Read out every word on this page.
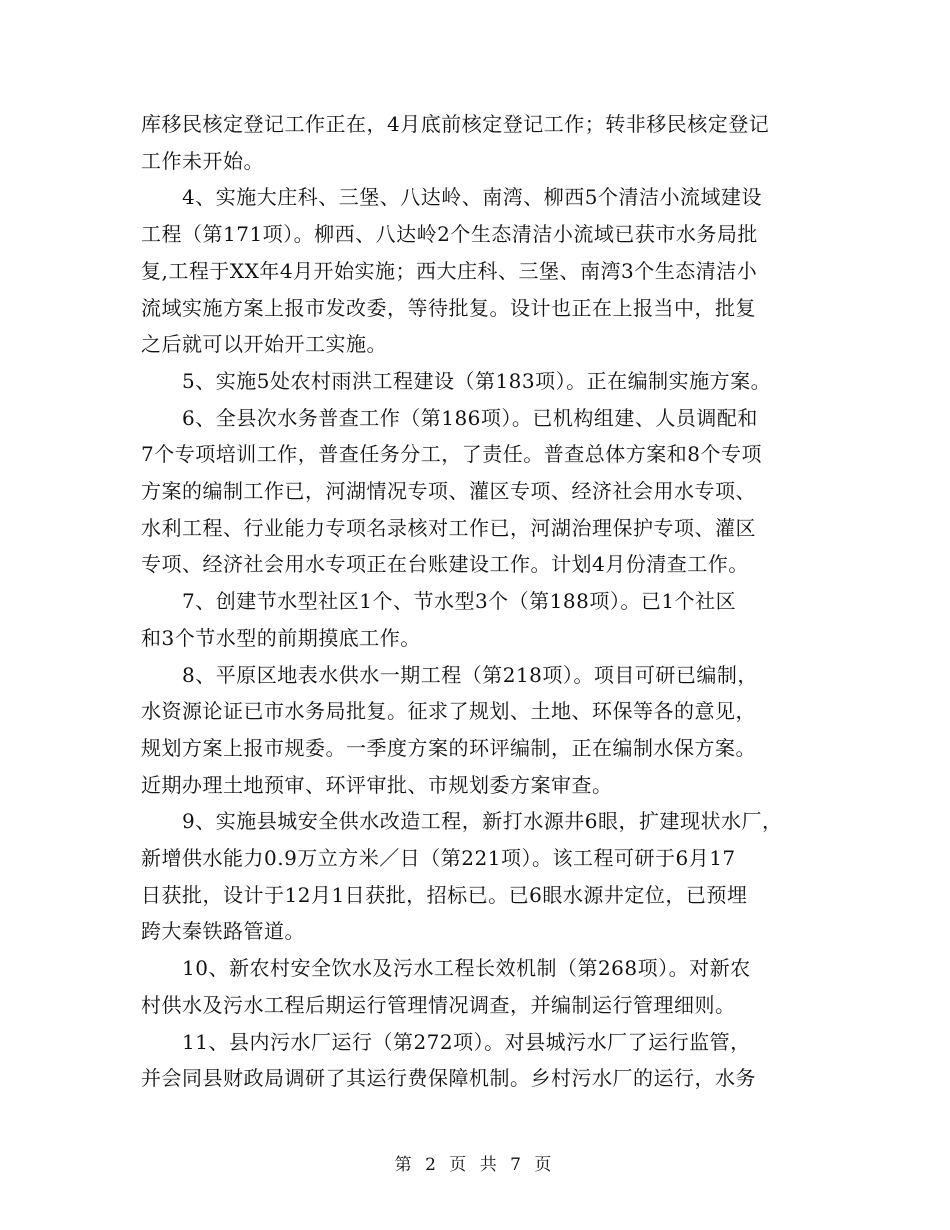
库移民核定登记工作正在，4月底前核定登记工作；转非移民核定登记
工作未开始。
4、实施大庄科、三堡、八达岭、南湾、柳西5个清洁小流域建设
工程（第171项）。柳西、八达岭2个生态清洁小流域已获市水务局批
复,工程于XX年4月开始实施；西大庄科、三堡、南湾3个生态清洁小
流域实施方案上报市发改委，等待批复。设计也正在上报当中，批复
之后就可以开始开工实施。
5、实施5处农村雨洪工程建设（第183项）。正在编制实施方案。
6、全县次水务普查工作（第186项）。已机构组建、人员调配和
7个专项培训工作，普查任务分工，了责任。普查总体方案和8个专项
方案的编制工作已，河湖情况专项、灌区专项、经济社会用水专项、
水利工程、行业能力专项名录核对工作已，河湖治理保护专项、灌区
专项、经济社会用水专项正在台账建设工作。计划4月份清查工作。
7、创建节水型社区1个、节水型3个（第188项）。已1个社区
和3个节水型的前期摸底工作。
8、平原区地表水供水一期工程（第218项）。项目可研已编制，
水资源论证已市水务局批复。征求了规划、土地、环保等各的意见，
规划方案上报市规委。一季度方案的环评编制，正在编制水保方案。
近期办理土地预审、环评审批、市规划委方案审查。
9、实施县城安全供水改造工程，新打水源井6眼，扩建现状水厂，
新增供水能力0.9万立方米／日（第221项）。该工程可研于6月17
日获批，设计于12月1日获批，招标已。已6眼水源井定位，已预埋
跨大秦铁路管道。
10、新农村安全饮水及污水工程长效机制（第268项）。对新农
村供水及污水工程后期运行管理情况调查，并编制运行管理细则。
11、县内污水厂运行（第272项）。对县城污水厂了运行监管，
并会同县财政局调研了其运行费保障机制。乡村污水厂的运行，水务
第 2 页 共 7 页
